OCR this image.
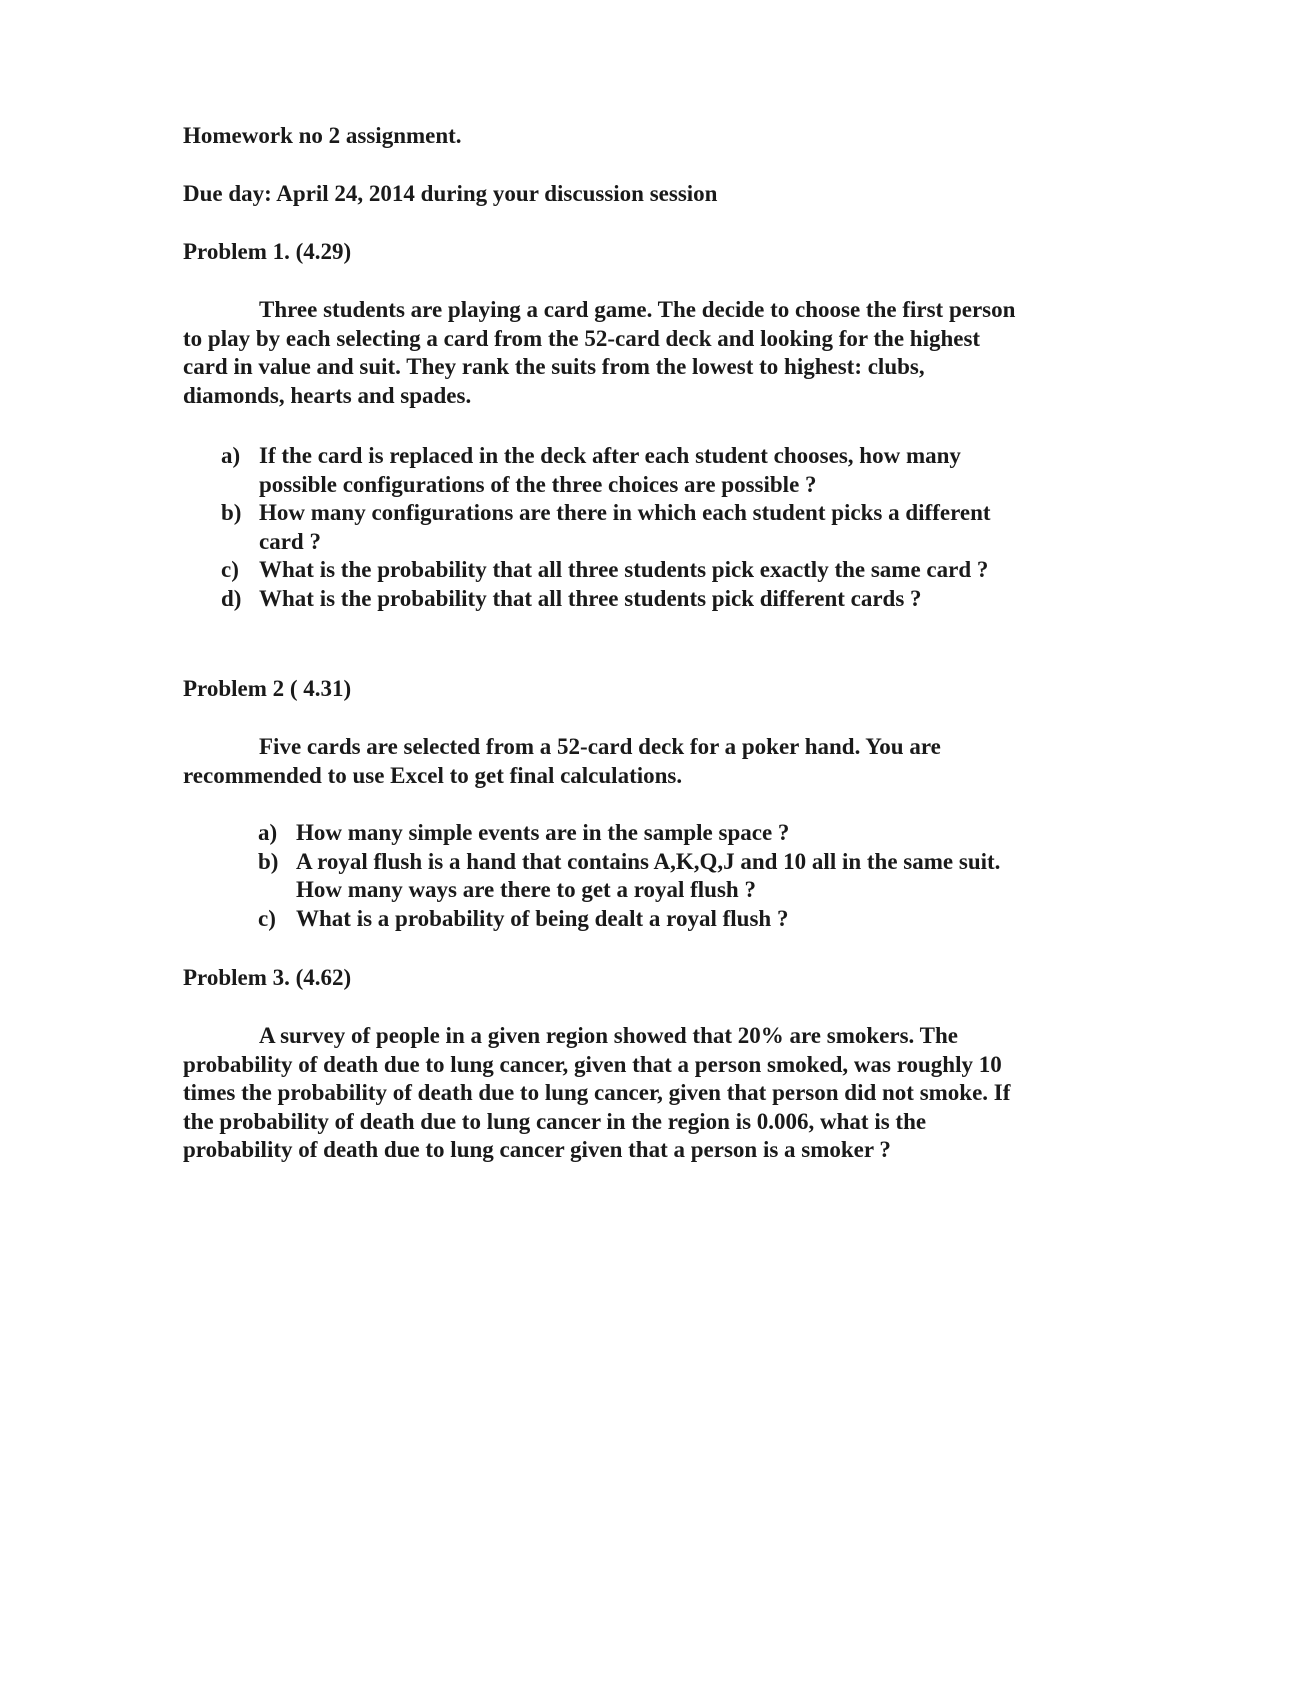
Homework no 2 assignment.
Due day: April 24, 2014 during your discussion session
Problem 1. (4.29)
Three students are playing a card game. The decide to choose the first person
to play by each selecting a card from the 52-card deck and looking for the highest
card in value and suit. They rank the suits from the lowest to highest: clubs,
diamonds, hearts and spades.
a) If the card is replaced in the deck after each student chooses, how many
possible configurations of the three choices are possible ?
b) How many configurations are there in which each student picks a different
card ?
c) What is the probability that all three students pick exactly the same card ?
d) What is the probability that all three students pick different cards ?
Problem 2 ( 4.31)
Five cards are selected from a 52-card deck for a poker hand. You are
recommended to use Excel to get final calculations.
a) How many simple events are in the sample space ?
b) A royal flush is a hand that contains A,K,Q,J and 10 all in the same suit.
How many ways are there to get a royal flush ?
c) What is a probability of being dealt a royal flush ?
Problem 3. (4.62)
A survey of people in a given region showed that 20% are smokers. The
probability of death due to lung cancer, given that a person smoked, was roughly 10
times the probability of death due to lung cancer, given that person did not smoke. If
the probability of death due to lung cancer in the region is 0.006, what is the
probability of death due to lung cancer given that a person is a smoker ?
